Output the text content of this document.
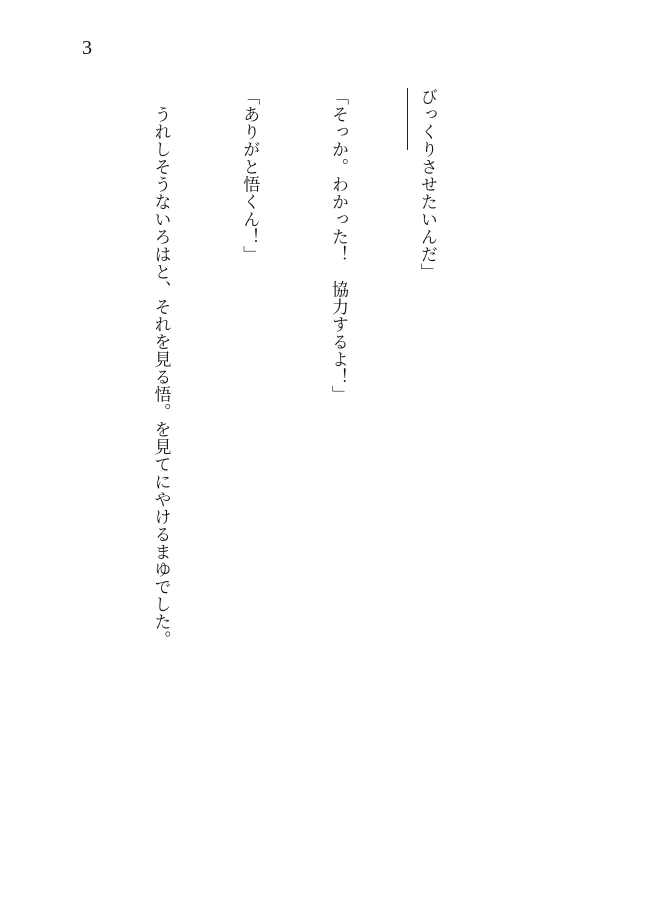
3

びっくりさせたいんだ」

「そっか。わかった！　協力するよ！」

「ありがと悟くん！」

　うれしそうないろはと、それを見る悟。を見てにやけるまゆでした。
